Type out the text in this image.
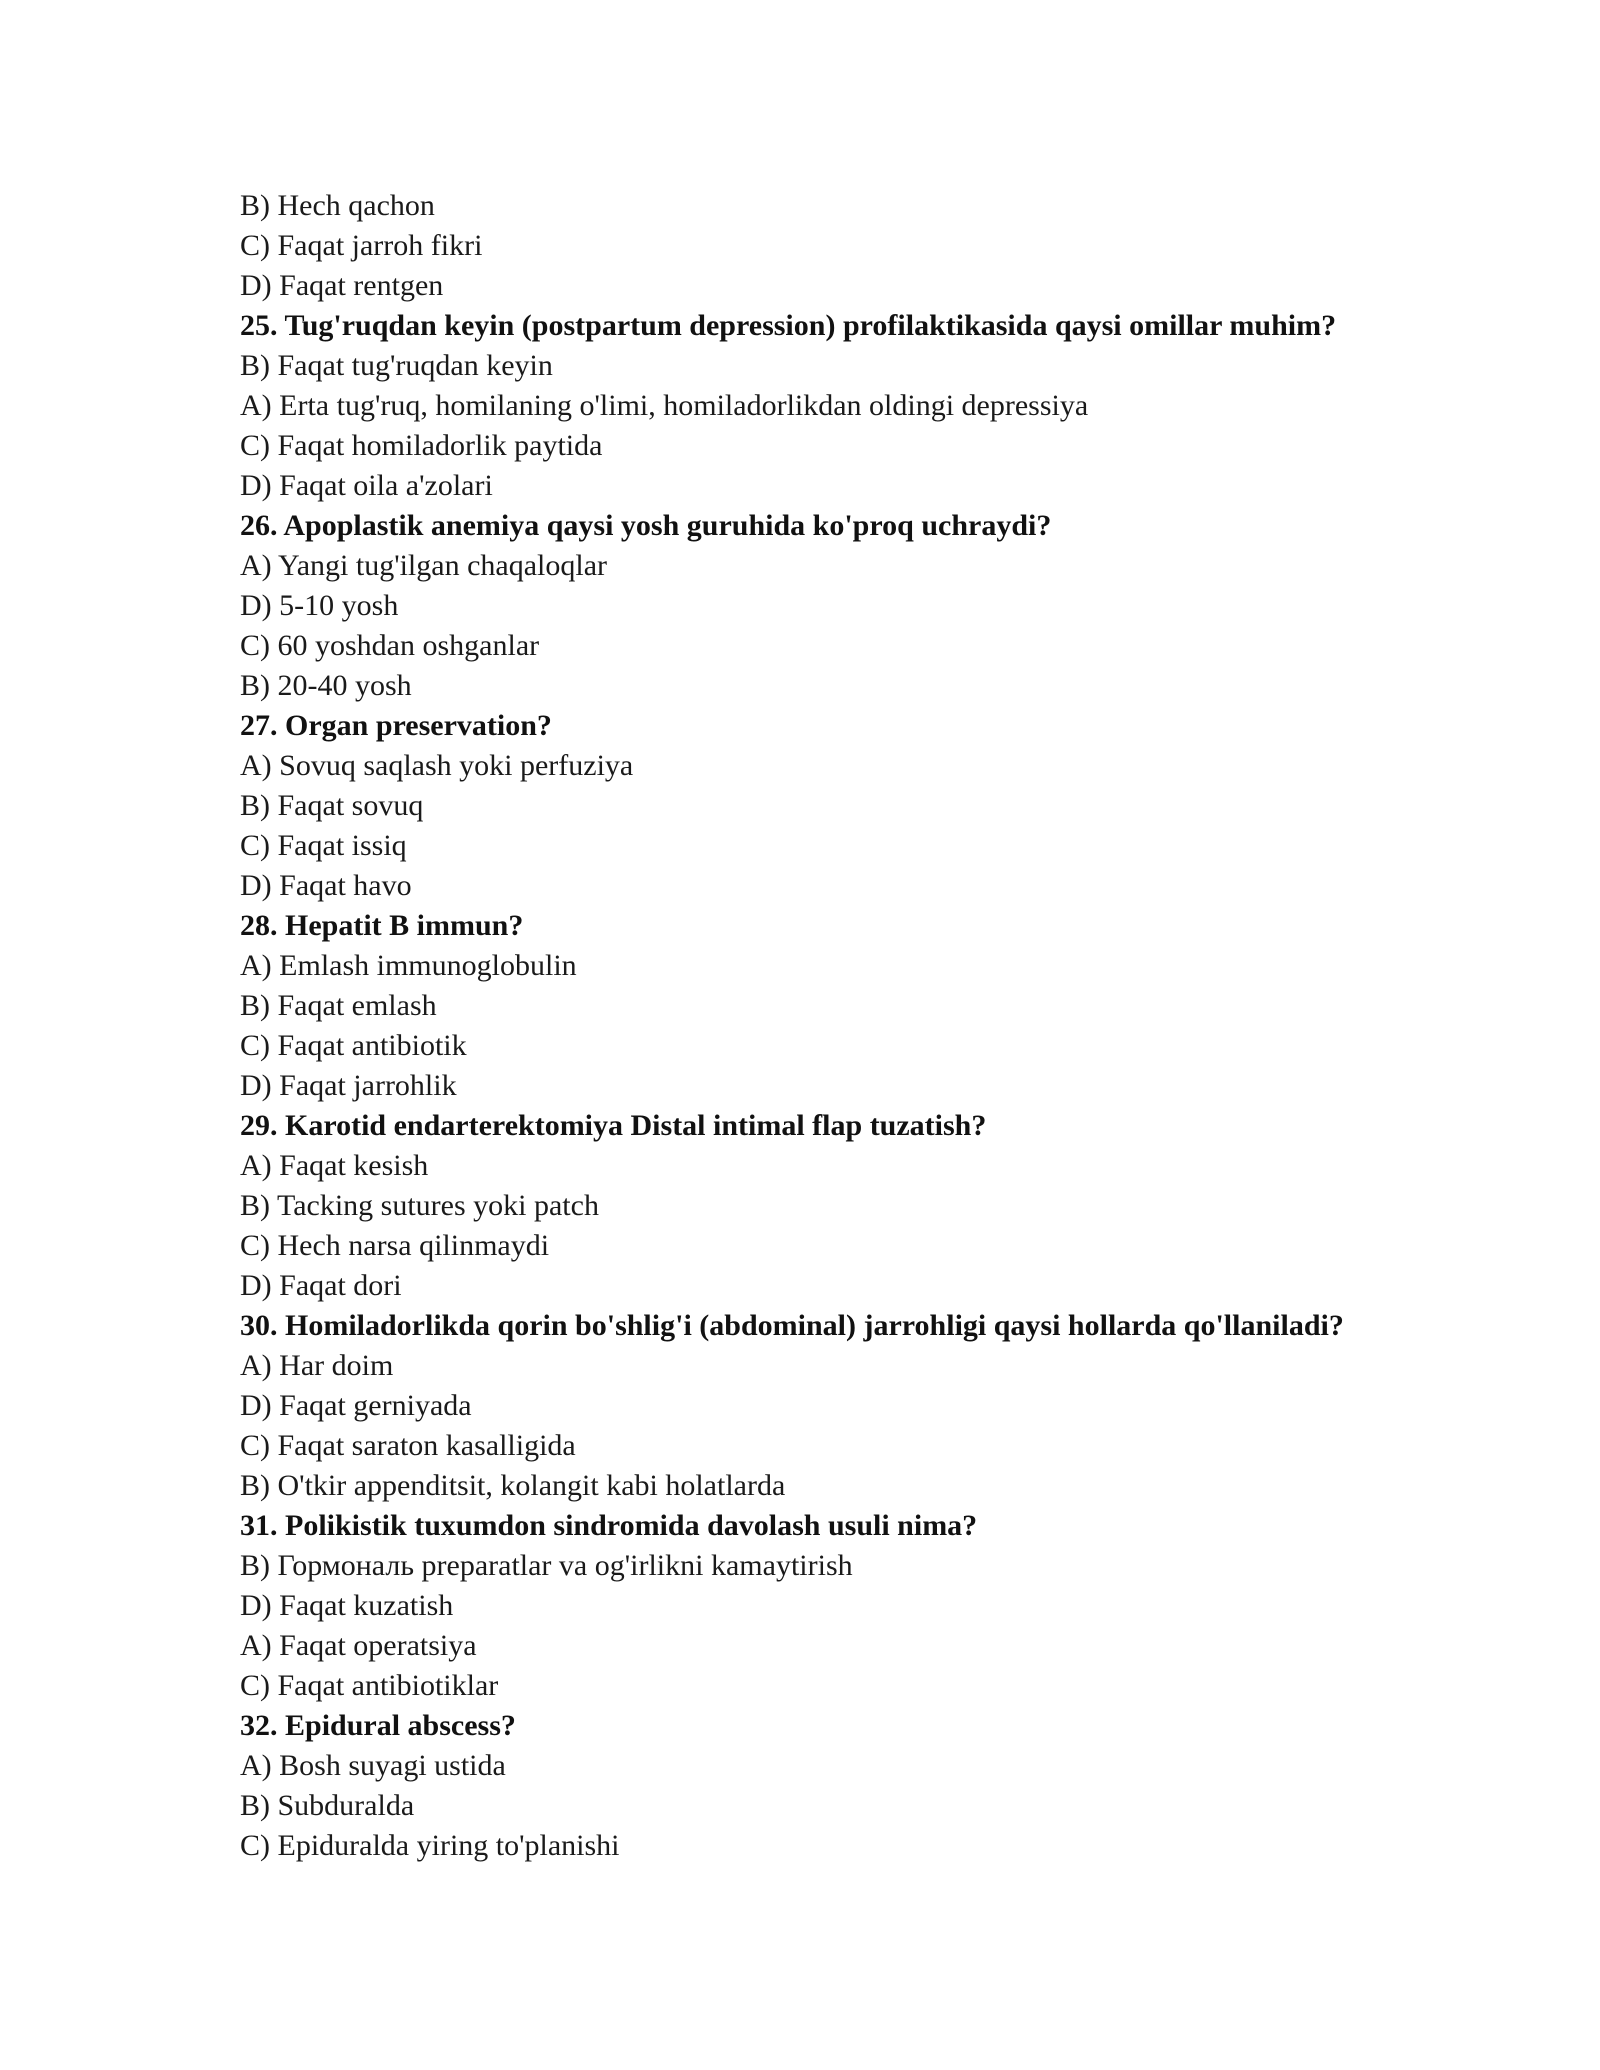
B) Hech qachon
C) Faqat jarroh fikri
D) Faqat rentgen
25. Tug'ruqdan keyin (postpartum depression) profilaktikasida qaysi omillar muhim?
B) Faqat tug'ruqdan keyin
A) Erta tug'ruq, homilaning o'limi, homiladorlikdan oldingi depressiya
C) Faqat homiladorlik paytida
D) Faqat oila a'zolari
26. Apoplastik anemiya qaysi yosh guruhida ko'proq uchraydi?
A) Yangi tug'ilgan chaqaloqlar
D) 5-10 yosh
C) 60 yoshdan oshganlar
B) 20-40 yosh
27. Organ preservation?
A) Sovuq saqlash yoki perfuziya
B) Faqat sovuq
C) Faqat issiq
D) Faqat havo
28. Hepatit B immun?
A) Emlash immunoglobulin
B) Faqat emlash
C) Faqat antibiotik
D) Faqat jarrohlik
29. Karotid endarterektomiya Distal intimal flap tuzatish?
A) Faqat kesish
B) Tacking sutures yoki patch
C) Hech narsa qilinmaydi
D) Faqat dori
30. Homiladorlikda qorin bo'shlig'i (abdominal) jarrohligi qaysi hollarda qo'llaniladi?
A) Har doim
D) Faqat gerniyada
C) Faqat saraton kasalligida
B) O'tkir appenditsit, kolangit kabi holatlarda
31. Polikistik tuxumdon sindromida davolash usuli nima?
B) Гормональ preparatlar va og'irlikni kamaytirish
D) Faqat kuzatish
A) Faqat operatsiya
C) Faqat antibiotiklar
32. Epidural abscess?
A) Bosh suyagi ustida
B) Subduralda
C) Epiduralda yiring to'planishi
